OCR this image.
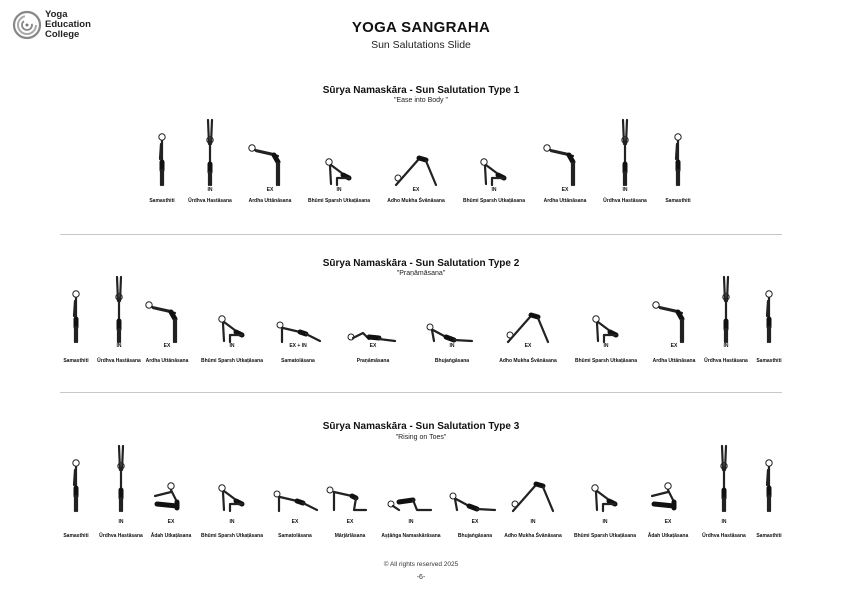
Yoga
Education
College	YOGA SANGRAHA
Sun Salutations Slide
Sūrya Namaskāra - Sun Salutation Type 1
"Ease into Body "
Samasthiti
IN
Ūrdhva Hastāsana
EX
Ardha Uttānāsana
IN
Bhūmi Sparsh Utkaṭāsana
EX
Adho Mukha Śvānāsana
IN
Bhūmi Sparsh Utkaṭāsana
EX
Ardha Uttānāsana
IN
Ūrdhva Hastāsana	Samasthiti
Sūrya Namaskāra - Sun Salutation Type 2
"Praṇāmāsana"
Samasthiti
IN
Ūrdhva Hastāsana
EX
Ardha Uttānāsana
IN
Bhūmi Sparsh Utkaṭāsana
EX + IN
Samatolāsana
EX
Praṇāmāsana
IN
Bhujaṅgāsana
EX
Adho Mukha Śvānāsana
IN
Bhūmi Sparsh Utkaṭāsana
EX
Ardha Uttānāsana
IN
Ūrdhva Hastāsana	Samasthiti
Sūrya Namaskāra - Sun Salutation Type 3
"Rising on Toes"
Samasthiti
IN
Ūrdhva Hastāsana
EX
Ādah Utkaṭāsana
IN
Bhūmi Sparsh Utkaṭāsana
EX
Samatolāsana
EX
Mārjārīāsana
IN
Aṣṭāṅga Namaskārāsana
EX
Bhujaṅgāsana
IN
Adho Mukha Śvānāsana
IN
Bhūmi Sparsh Utkaṭāsana
EX
Ādah Utkaṭāsana
IN
Ūrdhva Hastāsana	Samasthiti
© All rights reserved 2025
-6-
